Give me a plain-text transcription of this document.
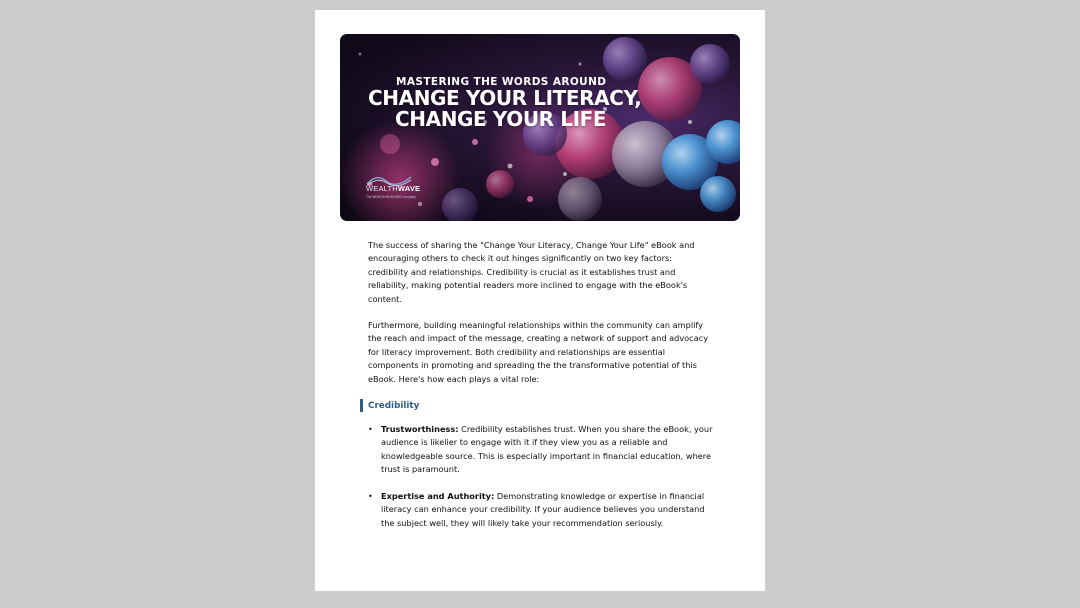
MASTERING THE WORDS AROUND
CHANGE YOUR LITERACY,
CHANGE YOUR LIFE
WEALTHWAVE
The WEALTH BUILDING Company

The success of sharing the "Change Your Literacy, Change Your Life" eBook and encouraging others to check it out hinges significantly on two key factors: credibility and relationships. Credibility is crucial as it establishes trust and reliability, making potential readers more inclined to engage with the eBook's content.

Furthermore, building meaningful relationships within the community can amplify the reach and impact of the message, creating a network of support and advocacy for literacy improvement. Both credibility and relationships are essential components in promoting and spreading the the transformative potential of this eBook. Here's how each plays a vital role:

Credibility
• Trustworthiness: Credibility establishes trust. When you share the eBook, your audience is likelier to engage with it if they view you as a reliable and knowledgeable source. This is especially important in financial education, where trust is paramount.
• Expertise and Authority: Demonstrating knowledge or expertise in financial literacy can enhance your credibility. If your audience believes you understand the subject well, they will likely take your recommendation seriously.
